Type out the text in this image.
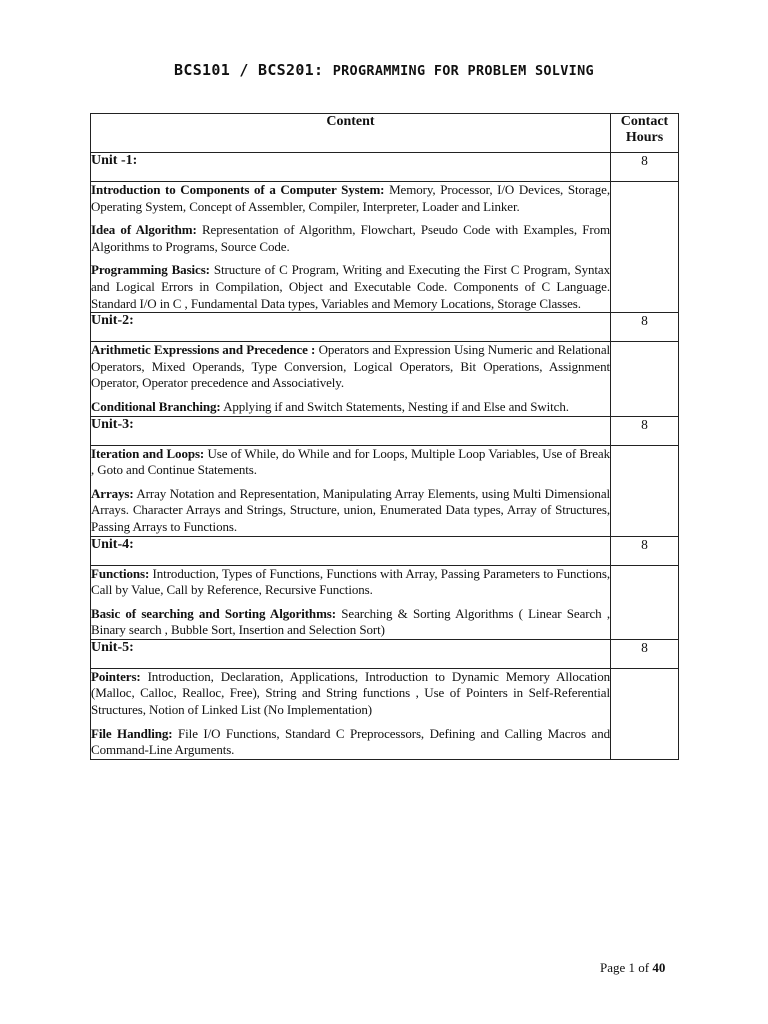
BCS101 / BCS201: PROGRAMMING FOR PROBLEM SOLVING
Content	Contact
Hours
Unit -1:	8

Introduction to Components of a Computer System: Memory, Processor, I/O Devices, Storage, Operating System, Concept of Assembler, Compiler, Interpreter, Loader and Linker.

Idea of Algorithm: Representation of Algorithm, Flowchart, Pseudo Code with Examples, From Algorithms to Programs, Source Code.

Programming Basics: Structure of C Program, Writing and Executing the First C Program, Syntax and Logical Errors in Compilation, Object and Executable Code. Components of C Language. Standard I/O in C , Fundamental Data types, Variables and Memory Locations, Storage Classes.	

Unit-2:	8

Arithmetic Expressions and Precedence : Operators and Expression Using Numeric and Relational Operators, Mixed Operands, Type Conversion, Logical Operators, Bit Operations, Assignment Operator, Operator precedence and Associatively.

Conditional Branching: Applying if and Switch Statements, Nesting if and Else and Switch.	

Unit-3:	8

Iteration and Loops: Use of While, do While and for Loops, Multiple Loop Variables, Use of Break , Goto and Continue Statements.

Arrays: Array Notation and Representation, Manipulating Array Elements, using Multi Dimensional Arrays. Character Arrays and Strings, Structure, union, Enumerated Data types, Array of Structures, Passing Arrays to Functions.	

Unit-4:	8

Functions: Introduction, Types of Functions, Functions with Array, Passing Parameters to Functions, Call by Value, Call by Reference, Recursive Functions.

Basic of searching and Sorting Algorithms: Searching & Sorting Algorithms ( Linear Search , Binary search , Bubble Sort, Insertion and Selection Sort)	

Unit-5:	8

Pointers: Introduction, Declaration, Applications, Introduction to Dynamic Memory Allocation (Malloc, Calloc, Realloc, Free), String and String functions , Use of Pointers in Self-Referential Structures, Notion of Linked List (No Implementation)

File Handling: File I/O Functions, Standard C Preprocessors, Defining and Calling Macros and Command-Line Arguments.	

Page 1 of 40
